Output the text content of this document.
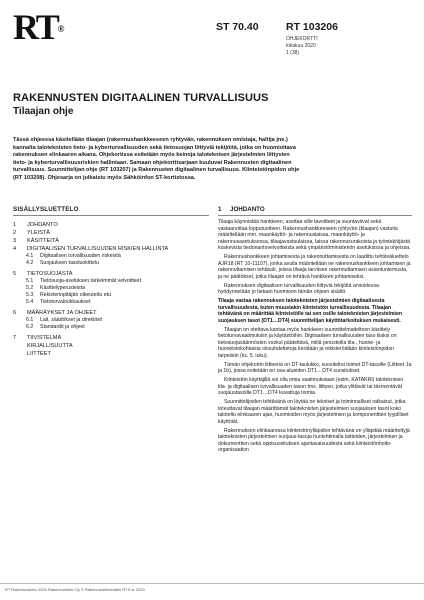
RT®	ST 70.40	RT 103206
OHJEKORTTI
lokakuu 2020
1 (38)
RAKENNUSTEN DIGITAALINEN TURVALLISUUS
Tilaajan ohje
Tässä ohjeessa käsitellään tilaajan (rakennushankkeeseen ryhtyvän, rakennuksen omistaja, haltija jne.) kannalta taloteknisten tieto- ja kyberturvallisuuden sekä tietosuojan liittyviä tekijöitä, jotka on huomioitava rakennuksen elinkaaren aikana. Ohjekortissa esitetään myös keinoja taloteknisen järjestelmien liittyvien tieto- ja kyberturvallisuusriskien hallintaan. Samaan ohjekorttisarjaan kuuluvat Rakennusten digitaalinen turvallisuus. Suunnittelijan ohje (RT 103207) ja Rakennusten digitaalinen turvallisuus. Kiinteistönpidon ohje (RT 103208). Ohjesarja on julkaistu myös Sähköinfon ST-kortistossa.
SISÄLLYSLUETTELO
1	JOHDANTO
2	YLEISTÄ
3	KÄSITTEITÄ
4	DIGITAALISEN TURVALLISUUDEN RISKIEN HALLINTA
4.1	Digitaalisen turvallisuuden riskeistä
4.2	Suojauksen tasoluokittelu
5	TIETOSUOJASTA
5.1	Tietosuoja-asetuksen tärkeimmät velvoitteet
5.2	Käsittelyperusteista
5.3	Rekisterinpitäjän oikeutettu etu
5.4	Tietoturvaloukkaukset
6	MÄÄRÄYKSET JA OHJEET
6.1	Lait, säädökset ja direktiivit
6.2	Standardit ja ohjeet
7	TIIVISTELMÄ
KIRJALLISUUTTA
LIITTEET
1     JOHDANTO

Tilaaja käynnistää hankkeen, asettaa sille tavoitteet ja suuntaviivat sekä vastaanottaa lopputuotteen. Rakennushankkeeseen ryhtyvän (tilaajan) vastuita määritellään mm. maankäyttö- ja rakennuslaissa, maankäyttö- ja rakennusasetuksessa, tilaajavastuulaissa, laissa rakennusurakoista ja työnteköijästä koskevista tiedonantovelvoitteista sekä ympäristöministeriön asetuksissa ja ohjeissa.

Rakennushankkeen johtamisesta ja rakennuttamisesta on laadittu tehtäväluettelo AJR18 (RT 10-11107), jonka avulla määritellään ne rakennushankkeen johtamisen ja rakennuttamisen tehtävät, joissa tilaaja tarvitsee rakennuttamisen asiantuntemusta, ja ne päätökset, jotka tilaajan on tehtävä hankkeen johtamiseksi.

Rakennuksen digitaalisen turvallisuuden liittyviä tekijöitä arvioidessa hyödynnetään jo tietaan huomioon tämän ohjeen sisältö.

Tilaaja vastaa rakennuksen taloteknisten järjestelmien digitaalisesta turvallisuudesta, kuten muustakin kiinteistön turvallisuudesta. Tilaajan tehtävänä on määrittää kiinteistölle tai sen osille taloteknisten järjestelmien suojauksen tasot (DT1…DT4) suunnittelijan käyttötarkoituksen mukaisesti.

Tilaajan on otettava kantaa myös hankkeen suunnittelmaiteltoon käsittely tietoturvavaatimuksiin ja käytäntöihin. Digitaalisen turvallisuuden taso liiaksi on tietosuojasäännösten vuoksi päätettävä, millä perusteilla tila-, huone- ja huoneistokohtaisia olosuhdetietoja kerätään ja rekisteröidään kiinteistönpidon tarpeisiin (ks. 5. luku).

Tämän ohjekortin liitteenä on DT-taulukko, suositeltut toimet DT-tasoille (Liitteet 1a ja 1b), jossa esitetään eri osa-alueiden DT1…DT4 suositukset.

Kiinteistön käyttäjillä voi olla omia vaatimuksiaan (esim. KATAKRI) taloteknisen tila- ja digitaalisen turvallisuuden tason tms. liittyen, jotka ylittävät tai täsmentävät suojaustasoille DT1…DT4 kuvattuja toimia.

Suunnittelijoiden tehtävänä on löytää ne tekniset ja toiminnalliset ratkaisut, jotka toteuttavat tilaajan määrittämät taloteknisten järjestelmien suojauksen tasot koko taloteltu elinkaaren ajan, huomioiden myös järjestelmien ja komponenttien tyypilliset käyttöiät.

Rakennuksen elinkaaressa kiinteistönylläpidon tehtävänä on ylläpitää määritettyjä taloteknisten järjestelmien suojaus-tasoja huolehtimalla laitteiden, järjestelmien ja dokumenttien sekä oppisuosituksen ajantasaisuudesta sekä kiinteistönhoito-organisaation

RT Rakennustieto 2020 Rakennustieto Oy © Rakennustietosäätiö RTS sr 2020
